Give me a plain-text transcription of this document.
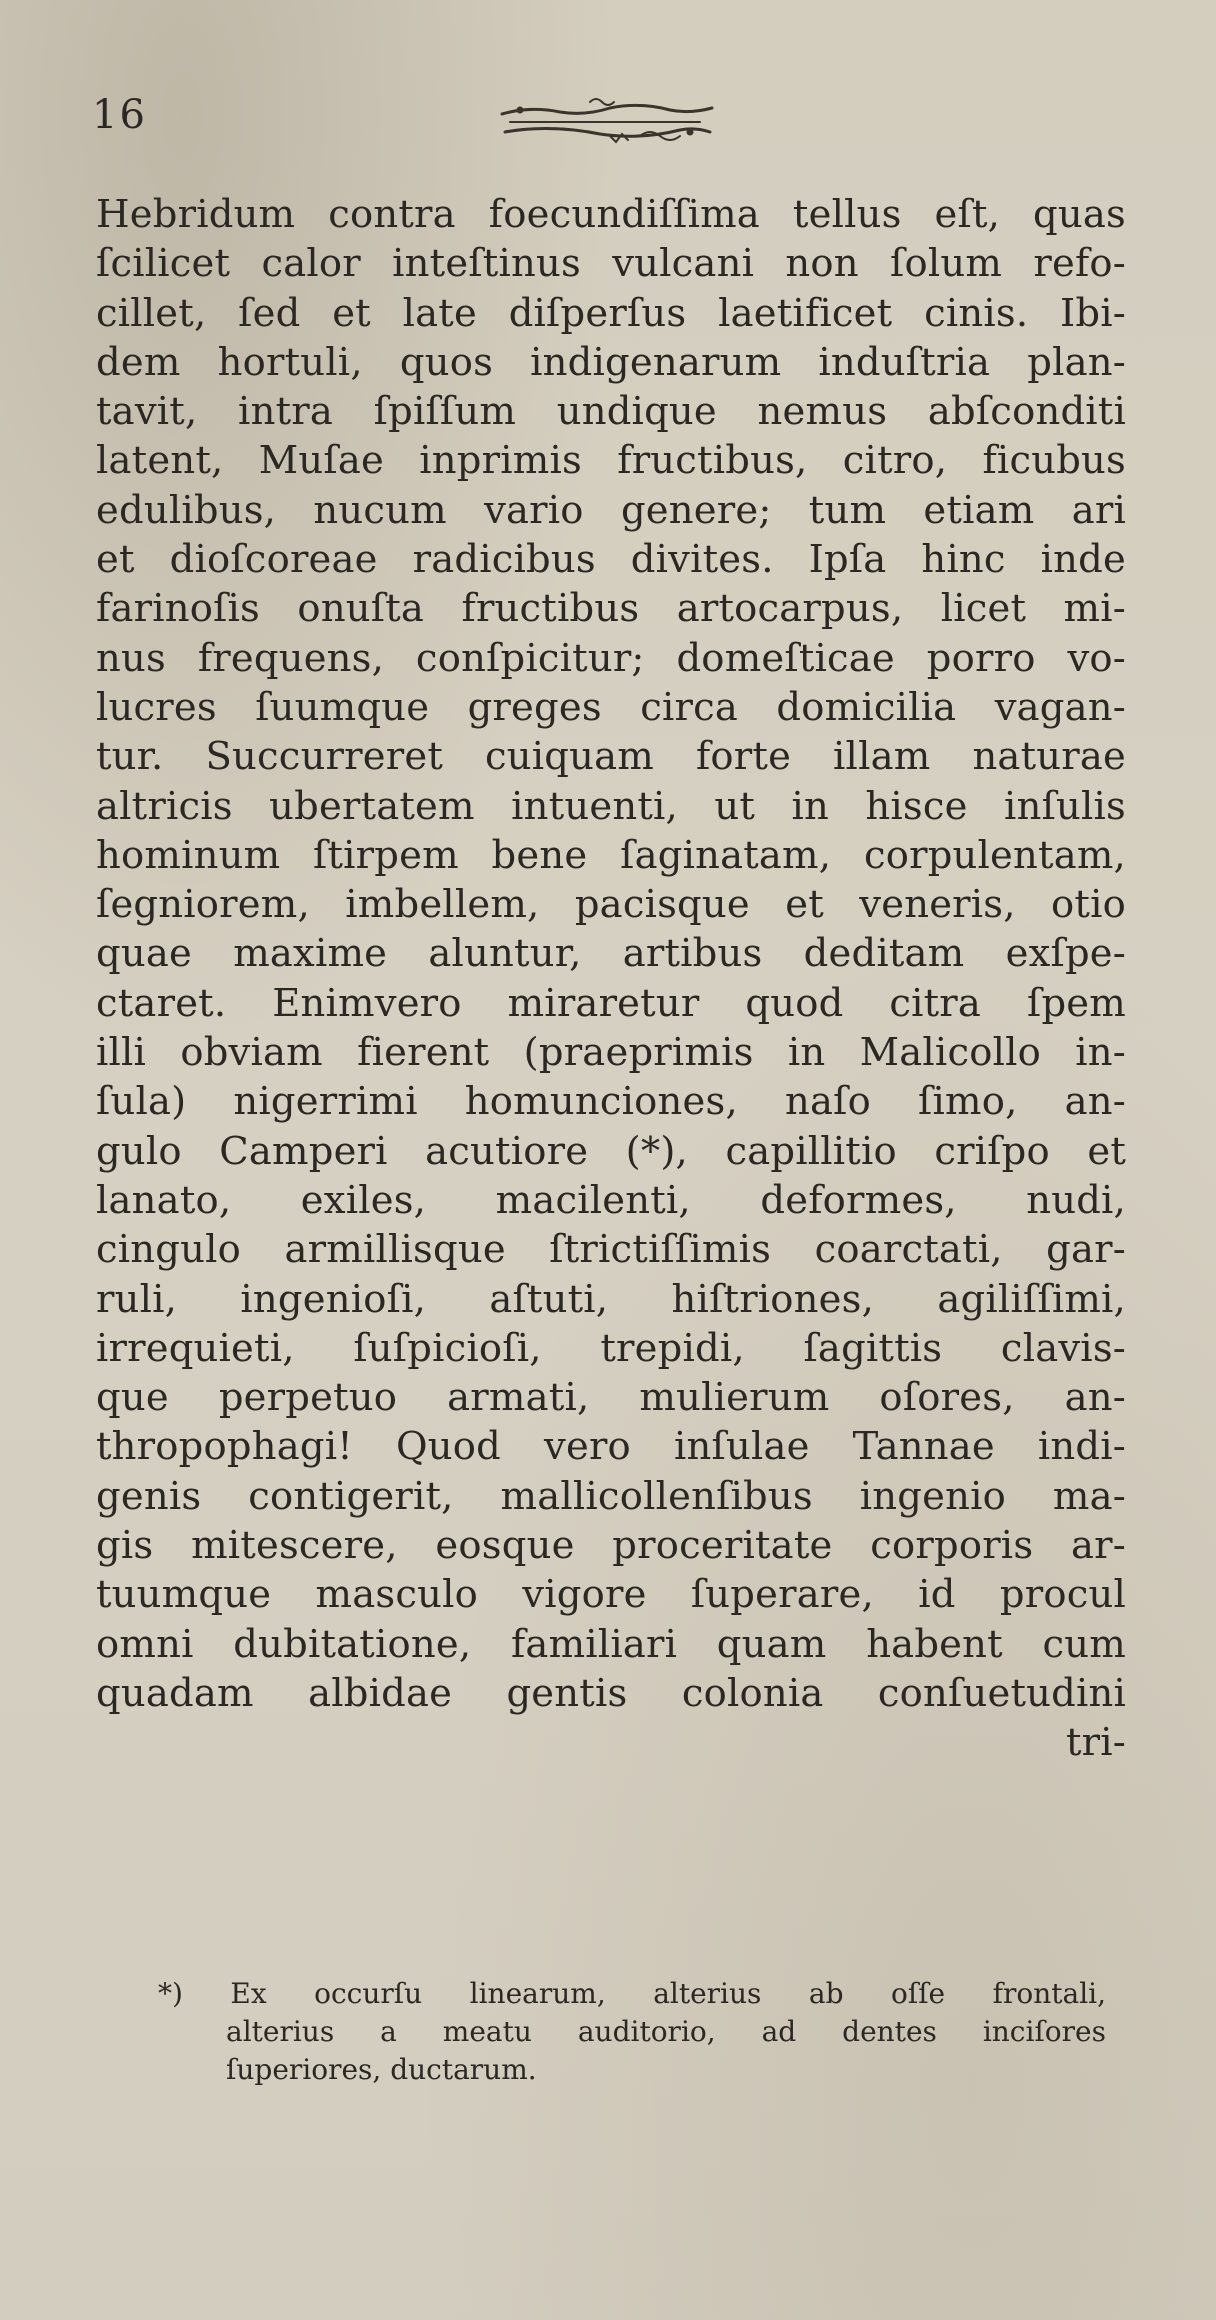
16
Hebridum contra foecundiſſima tellus eſt, quas
ſcilicet calor inteſtinus vulcani non ſolum refo-
cillet, ſed et late diſperſus laetificet cinis. Ibi-
dem hortuli, quos indigenarum induſtria plan-
tavit, intra ſpiſſum undique nemus abſconditi
latent, Muſae inprimis fructibus, citro, ficubus
edulibus, nucum vario genere; tum etiam ari
et dioſcoreae radicibus divites. Ipſa hinc inde
farinoſis onuſta fructibus artocarpus, licet mi-
nus frequens, conſpicitur; domeſticae porro vo-
lucres ſuumque greges circa domicilia vagan-
tur. Succurreret cuiquam forte illam naturae
altricis ubertatem intuenti, ut in hisce inſulis
hominum ſtirpem bene ſaginatam, corpulentam,
ſegniorem, imbellem, pacisque et veneris, otio
quae maxime aluntur, artibus deditam exſpe-
ctaret. Enimvero miraretur quod citra ſpem
illi obviam fierent (praeprimis in Malicollo in-
ſula) nigerrimi homunciones, naſo ſimo, an-
gulo Camperi acutiore (*), capillitio criſpo et
lanato, exiles, macilenti, deformes, nudi,
cingulo armillisque ſtrictiſſimis coarctati, gar-
ruli, ingenioſi, aſtuti, hiſtriones, agiliſſimi,
irrequieti, ſuſpicioſi, trepidi, ſagittis clavis-
que perpetuo armati, mulierum oſores, an-
thropophagi! Quod vero inſulae Tannae indi-
genis contigerit, mallicollenſibus ingenio ma-
gis mitescere, eosque proceritate corporis ar-
tuumque masculo vigore ſuperare, id procul
omni dubitatione, familiari quam habent cum
quadam albidae gentis colonia conſuetudini
tri-
*) Ex occurſu linearum, alterius ab oſſe frontali,
alterius a meatu auditorio, ad dentes inciſores
ſuperiores, ductarum.
